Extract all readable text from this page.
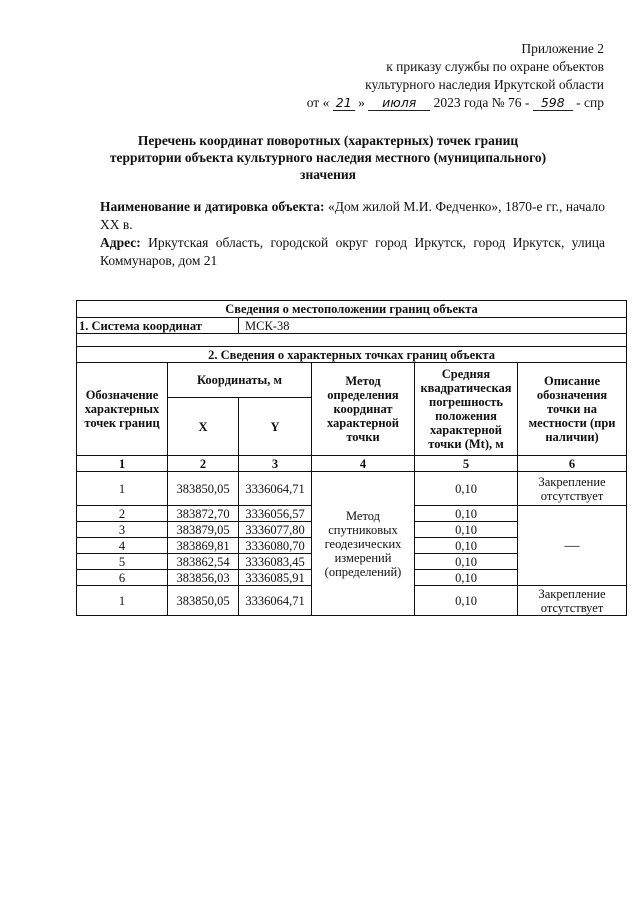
Приложение 2
к приказу службы по охране объектов
культурного наследия Иркутской области
от « 21 » июля 2023 года № 76 - 598 - спр
Перечень координат поворотных (характерных) точек границ
территории объекта культурного наследия местного (муниципального)
значения
Наименование и датировка объекта: «Дом жилой М.И. Федченко», 1870-е гг., начало XX в.
Адрес: Иркутская область, городской округ город Иркутск, город Иркутск, улица Коммунаров, дом 21
Сведения о местоположении границ объекта					
1. Система координат		МСК-38			

2. Сведения о характерных точках границ объекта					
Обозначение характерных точек границ	Координаты, м		Метод определения координат характерной точки	Средняя квадратическая погрешность положения характерной точки (Mt), м	Описание обозначения точки на местности (при наличии)
	X	Y			
1	2	3	4	5	6
1	383850,05	3336064,71	Метод спутниковых геодезических измерений (определений)	0,10	Закрепление отсутствует
2	383872,70	3336056,57		0,10	—
3	383879,05	3336077,80		0,10	
4	383869,81	3336080,70		0,10	
5	383862,54	3336083,45		0,10	
6	383856,03	3336085,91		0,10	
1	383850,05	3336064,71		0,10	Закрепление отсутствует
